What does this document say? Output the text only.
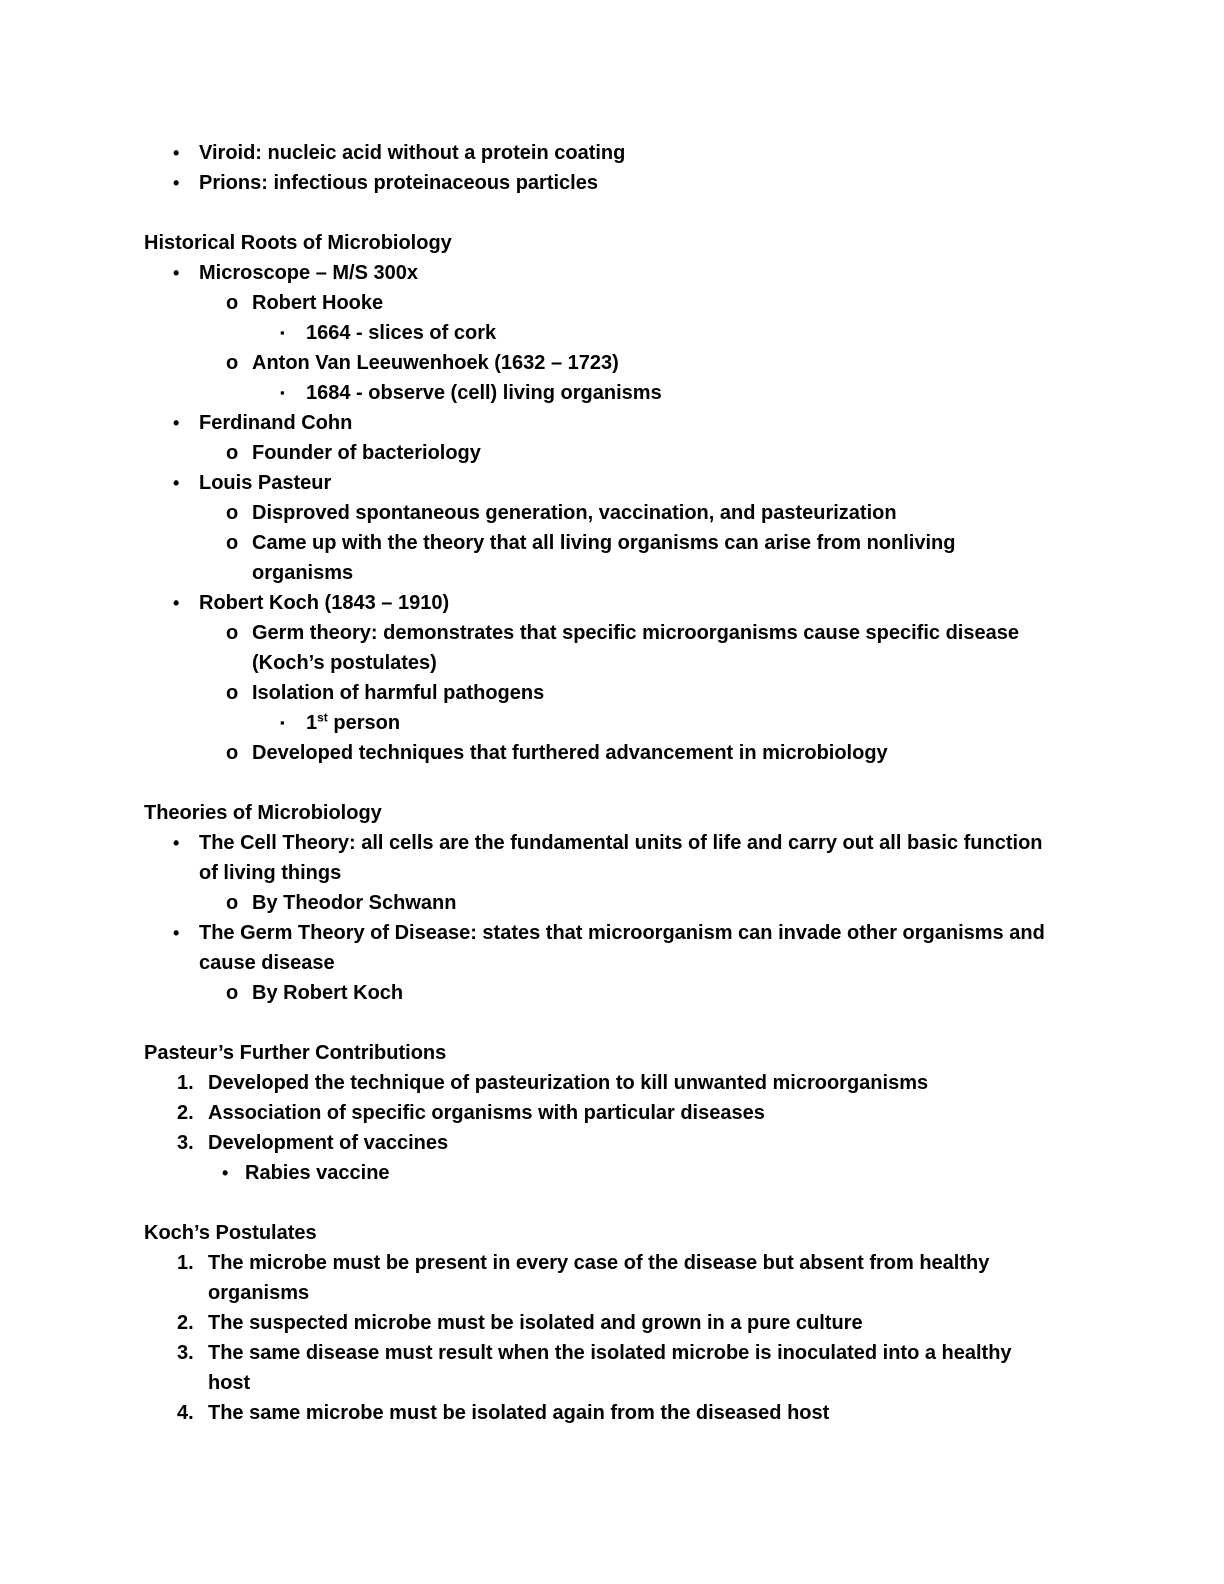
• Viroid: nucleic acid without a protein coating
• Prions: infectious proteinaceous particles
Historical Roots of Microbiology
• Microscope – M/S 300x
o Robert Hooke
▪	1664 - slices of cork
o Anton Van Leeuwenhoek (1632 – 1723)
▪	1684 - observe (cell) living organisms
• Ferdinand Cohn
o Founder of bacteriology
• Louis Pasteur
o Disproved spontaneous generation, vaccination, and pasteurization
o Came up with the theory that all living organisms can arise from nonliving
organisms
• Robert Koch (1843 – 1910)
o Germ theory: demonstrates that specific microorganisms cause specific disease
(Koch’s postulates)
o Isolation of harmful pathogens
▪	1st person
o Developed techniques that furthered advancement in microbiology
Theories of Microbiology
• The Cell Theory: all cells are the fundamental units of life and carry out all basic function
of living things
o By Theodor Schwann
• The Germ Theory of Disease: states that microorganism can invade other organisms and
cause disease
o By Robert Koch
Pasteur’s Further Contributions
1. Developed the technique of pasteurization to kill unwanted microorganisms
2. Association of specific organisms with particular diseases
3. Development of vaccines
• Rabies vaccine
Koch’s Postulates
1. The microbe must be present in every case of the disease but absent from healthy
organisms
2. The suspected microbe must be isolated and grown in a pure culture
3. The same disease must result when the isolated microbe is inoculated into a healthy
host
4. The same microbe must be isolated again from the diseased host
